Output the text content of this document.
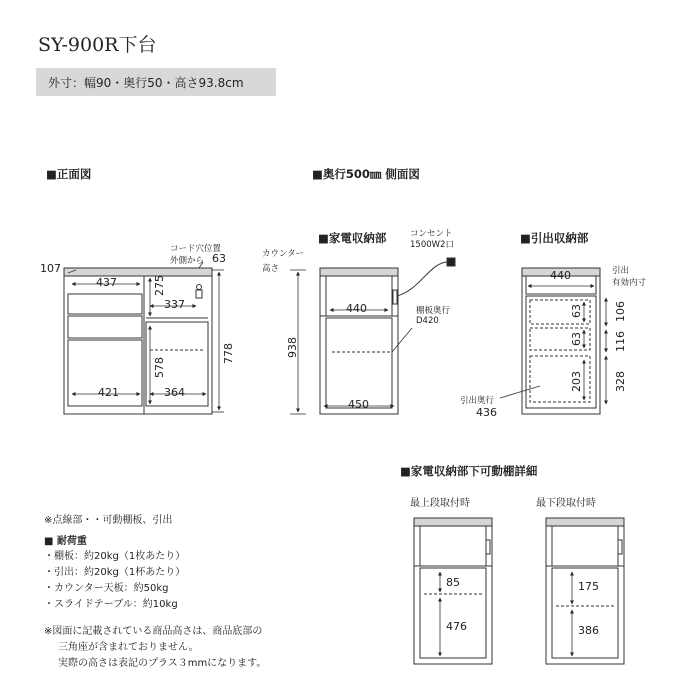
SY-900R下台
外寸：幅90・奥行50・高さ93.8cm
■正面図	■奥行500㎜ 側面図
■家電収納部	■引出収納部
■家電収納部下可動棚詳細
コード穴位置
外側から 63
107
437	275
337
578
778
421	364
カウンター
高さ
コンセント
1500W2口
棚板奥行
D420
938
440
450
引出
有効内寸
440
引出奥行
436
63
63
203
106
116
328
最上段取付時	最下段取付時
85
476
175
386
※点線部・・可動棚板、引出
■ 耐荷重
・棚板：約20kg（1枚あたり）
・引出：約20kg（1杯あたり）
・カウンター天板：約50kg
・スライドテーブル：約10kg
※図面に記載されている商品高さは、商品底部の
三角座が含まれておりません。
実際の高さは表記のプラス３mmになります。
